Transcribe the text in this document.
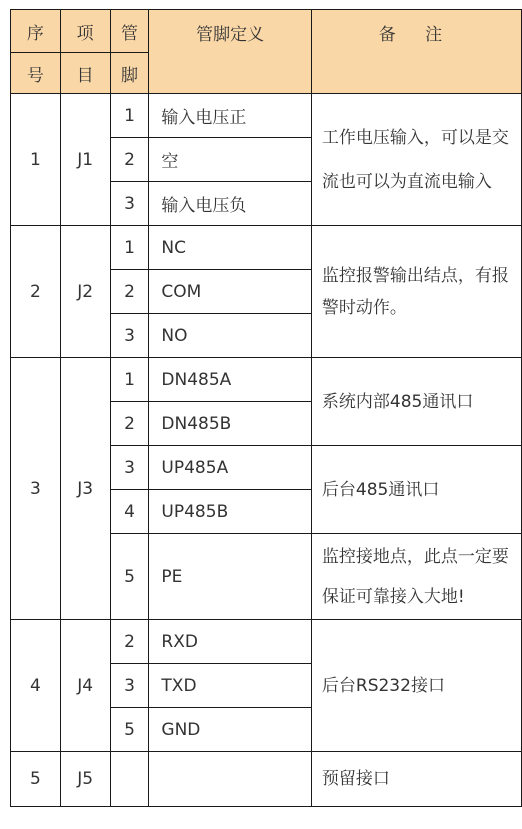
序	项	管	管脚定义	备 注
号	目	脚		
1	J1	1	输入电压正	工作电压输入，可以是交流也可以为直流电输入

		2	空	
		3	输入电压负	
2	J2	1	NC	监控报警输出结点，有报警时动作。

		2	COM	
		3	NO	
3	J3	1	DN485A	系统内部485通讯口

		2	DN485B	
		3	UP485A	后台485通讯口

		4	UP485B	
		5	PE	监控接地点，此点一定要保证可靠接入大地!

4	J4	2	RXD	后台RS232接口

		3	TXD	
		5	GND	
5	J5			预留接口
